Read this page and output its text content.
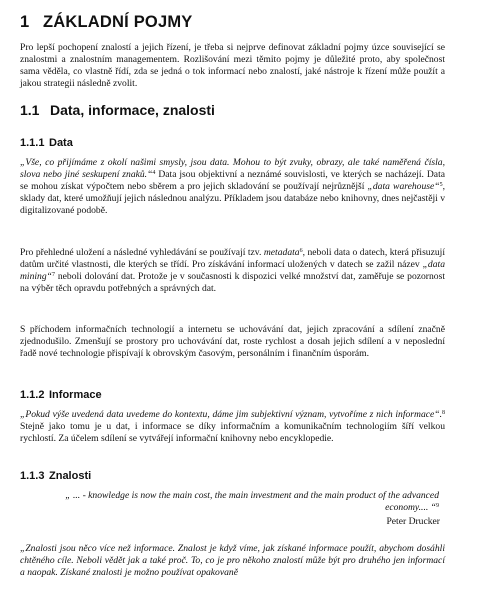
1 ZÁKLADNÍ POJMY

Pro lepší pochopení znalostí a jejich řízení, je třeba si nejprve definovat základní pojmy úzce související se znalostmi a znalostním managementem. Rozlišování mezi těmito pojmy je důležité proto, aby společnost sama věděla, co vlastně řídí, zda se jedná o tok informací nebo znalostí, jaké nástroje k řízení může použít a jakou strategii následně zvolit.

1.1 Data, informace, znalosti
1.1.1 Data

„Vše, co přijímáme z okolí našimi smysly, jsou data. Mohou to být zvuky, obrazy, ale také naměřená čísla, slova nebo jiné seskupení znaků.“$^4$ Data jsou objektivní a neznámé souvislosti, ve kterých se nacházejí. Data se mohou získat výpočtem nebo sběrem a pro jejich skladování se používají nejrůznější „data warehouse“$^5$, sklady dat, které umožňují jejich následnou analýzu. Příkladem jsou databáze nebo knihovny, dnes nejčastěji v digitalizované podobě.

Pro přehledné uložení a následné vyhledávání se používají tzv. metadata$^6$, neboli data o datech, která přisuzují datům určité vlastnosti, dle kterých se třídí. Pro získávání informací uložených v datech se zažil název „data mining“$^7$ neboli dolování dat. Protože je v současnosti k dispozici velké množství dat, zaměřuje se pozornost na výběr těch opravdu potřebných a správných dat.

S příchodem informačních technologií a internetu se uchovávání dat, jejich zpracování a sdílení značně zjednodušilo. Zmenšují se prostory pro uchovávání dat, roste rychlost a dosah jejich sdílení a v neposlední řadě nové technologie přispívají k obrovským časovým, personálním i finančním úsporám.

1.1.2 Informace

„Pokud výše uvedená data uvedeme do kontextu, dáme jim subjektivní význam, vytvoříme z nich informace“.$^8$ Stejně jako tomu je u dat, i informace se díky informačním a komunikačním technologiím šíří velkou rychlostí. Za účelem sdílení se vytvářejí informační knihovny nebo encyklopedie.

1.1.3 Znalosti

„ ... - knowledge is now the main cost, the main investment and the main product of the advanced economy.... “$^9$

Peter Drucker

„Znalosti jsou něco více než informace. Znalost je když víme, jak získané informace použít, abychom dosáhli chtěného cíle. Neboli vědět jak a také proč. To, co je pro někoho znalostí může být pro druhého jen informací a naopak. Získané znalosti je možno používat opakovaně
